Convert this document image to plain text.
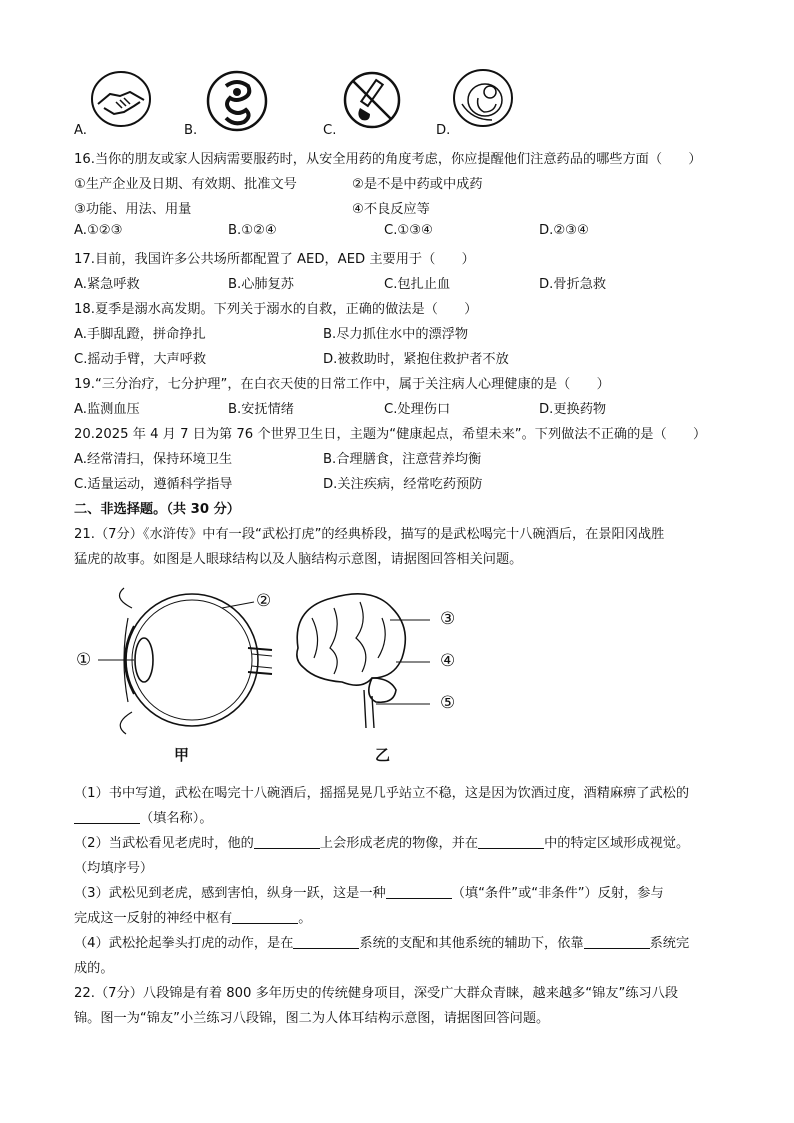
A.	B.	C.	D.
16.当你的朋友或家人因病需要服药时，从安全用药的角度考虑，你应提醒他们注意药品的哪些方面（　　）
①生产企业及日期、有效期、批准文号	②是不是中药或中成药
③功能、用法、用量	④不良反应等
A.①②③	B.①②④	C.①③④	D.②③④
17.目前，我国许多公共场所都配置了 AED，AED 主要用于（　　）
A.紧急呼救	B.心肺复苏	C.包扎止血	D.骨折急救
18.夏季是溺水高发期。下列关于溺水的自救，正确的做法是（　　）
A.手脚乱蹬，拼命挣扎	B.尽力抓住水中的漂浮物
C.摇动手臂，大声呼救	D.被救助时，紧抱住救护者不放
19.“三分治疗，七分护理”，在白衣天使的日常工作中，属于关注病人心理健康的是（　　）
A.监测血压	B.安抚情绪	C.处理伤口	D.更换药物
20.2025 年 4 月 7 日为第 76 个世界卫生日，主题为“健康起点，希望未来”。下列做法不正确的是（　　）
A.经常清扫，保持环境卫生	B.合理膳食，注意营养均衡
C.适量运动，遵循科学指导	D.关注疾病，经常吃药预防
二、非选择题。（共 30 分）
21.（7分）《水浒传》中有一段“武松打虎”的经典桥段，描写的是武松喝完十八碗酒后，在景阳冈战胜
猛虎的故事。如图是人眼球结构以及人脑结构示意图，请据图回答相关问题。
①
②
③
④
⑤
甲	乙
（1）书中写道，武松在喝完十八碗酒后，摇摇晃晃几乎站立不稳，这是因为饮酒过度，酒精麻痹了武松的
（填名称）。
（2）当武松看见老虎时，他的	上会形成老虎的物像，并在	中的特定区域形成视觉。
（均填序号）
（3）武松见到老虎，感到害怕，纵身一跃，这是一种	（填“条件”或“非条件”）反射，参与
完成这一反射的神经中枢有	。
（4）武松抡起拳头打虎的动作，是在	系统的支配和其他系统的辅助下，依靠	系统完
成的。
22.（7分）八段锦是有着 800 多年历史的传统健身项目，深受广大群众青睐，越来越多“锦友”练习八段
锦。图一为“锦友”小兰练习八段锦，图二为人体耳结构示意图，请据图回答问题。
